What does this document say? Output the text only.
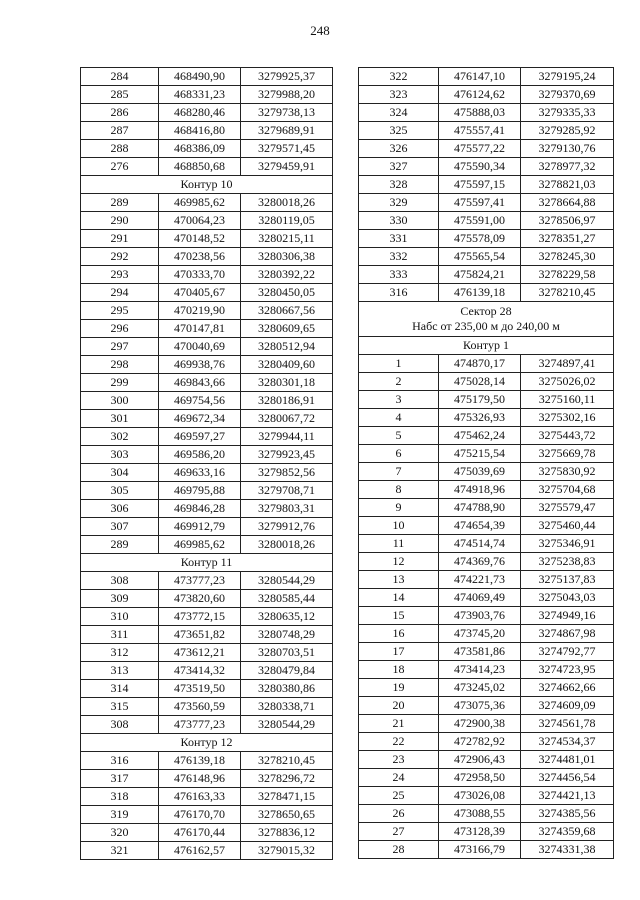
248
284	468490,90	3279925,37
285	468331,23	3279988,20
286	468280,46	3279738,13
287	468416,80	3279689,91
288	468386,09	3279571,45
276	468850,68	3279459,91
Контур 10		
289	469985,62	3280018,26
290	470064,23	3280119,05
291	470148,52	3280215,11
292	470238,56	3280306,38
293	470333,70	3280392,22
294	470405,67	3280450,05
295	470219,90	3280667,56
296	470147,81	3280609,65
297	470040,69	3280512,94
298	469938,76	3280409,60
299	469843,66	3280301,18
300	469754,56	3280186,91
301	469672,34	3280067,72
302	469597,27	3279944,11
303	469586,20	3279923,45
304	469633,16	3279852,56
305	469795,88	3279708,71
306	469846,28	3279803,31
307	469912,79	3279912,76
289	469985,62	3280018,26
Контур 11		
308	473777,23	3280544,29
309	473820,60	3280585,44
310	473772,15	3280635,12
311	473651,82	3280748,29
312	473612,21	3280703,51
313	473414,32	3280479,84
314	473519,50	3280380,86
315	473560,59	3280338,71
308	473777,23	3280544,29
Контур 12		
316	476139,18	3278210,45
317	476148,96	3278296,72
318	476163,33	3278471,15
319	476170,70	3278650,65
320	476170,44	3278836,12
321	476162,57	3279015,32
322	476147,10	3279195,24
323	476124,62	3279370,69
324	475888,03	3279335,33
325	475557,41	3279285,92
326	475577,22	3279130,76
327	475590,34	3278977,32
328	475597,15	3278821,03
329	475597,41	3278664,88
330	475591,00	3278506,97
331	475578,09	3278351,27
332	475565,54	3278245,30
333	475824,21	3278229,58
316	476139,18	3278210,45

Сектор 28
Набс от 235,00 м до 240,00 м		

Контур 1		
1	474870,17	3274897,41
2	475028,14	3275026,02
3	475179,50	3275160,11
4	475326,93	3275302,16
5	475462,24	3275443,72
6	475215,54	3275669,78
7	475039,69	3275830,92
8	474918,96	3275704,68
9	474788,90	3275579,47
10	474654,39	3275460,44
11	474514,74	3275346,91
12	474369,76	3275238,83
13	474221,73	3275137,83
14	474069,49	3275043,03
15	473903,76	3274949,16
16	473745,20	3274867,98
17	473581,86	3274792,77
18	473414,23	3274723,95
19	473245,02	3274662,66
20	473075,36	3274609,09
21	472900,38	3274561,78
22	472782,92	3274534,37
23	472906,43	3274481,01
24	472958,50	3274456,54
25	473026,08	3274421,13
26	473088,55	3274385,56
27	473128,39	3274359,68
28	473166,79	3274331,38
